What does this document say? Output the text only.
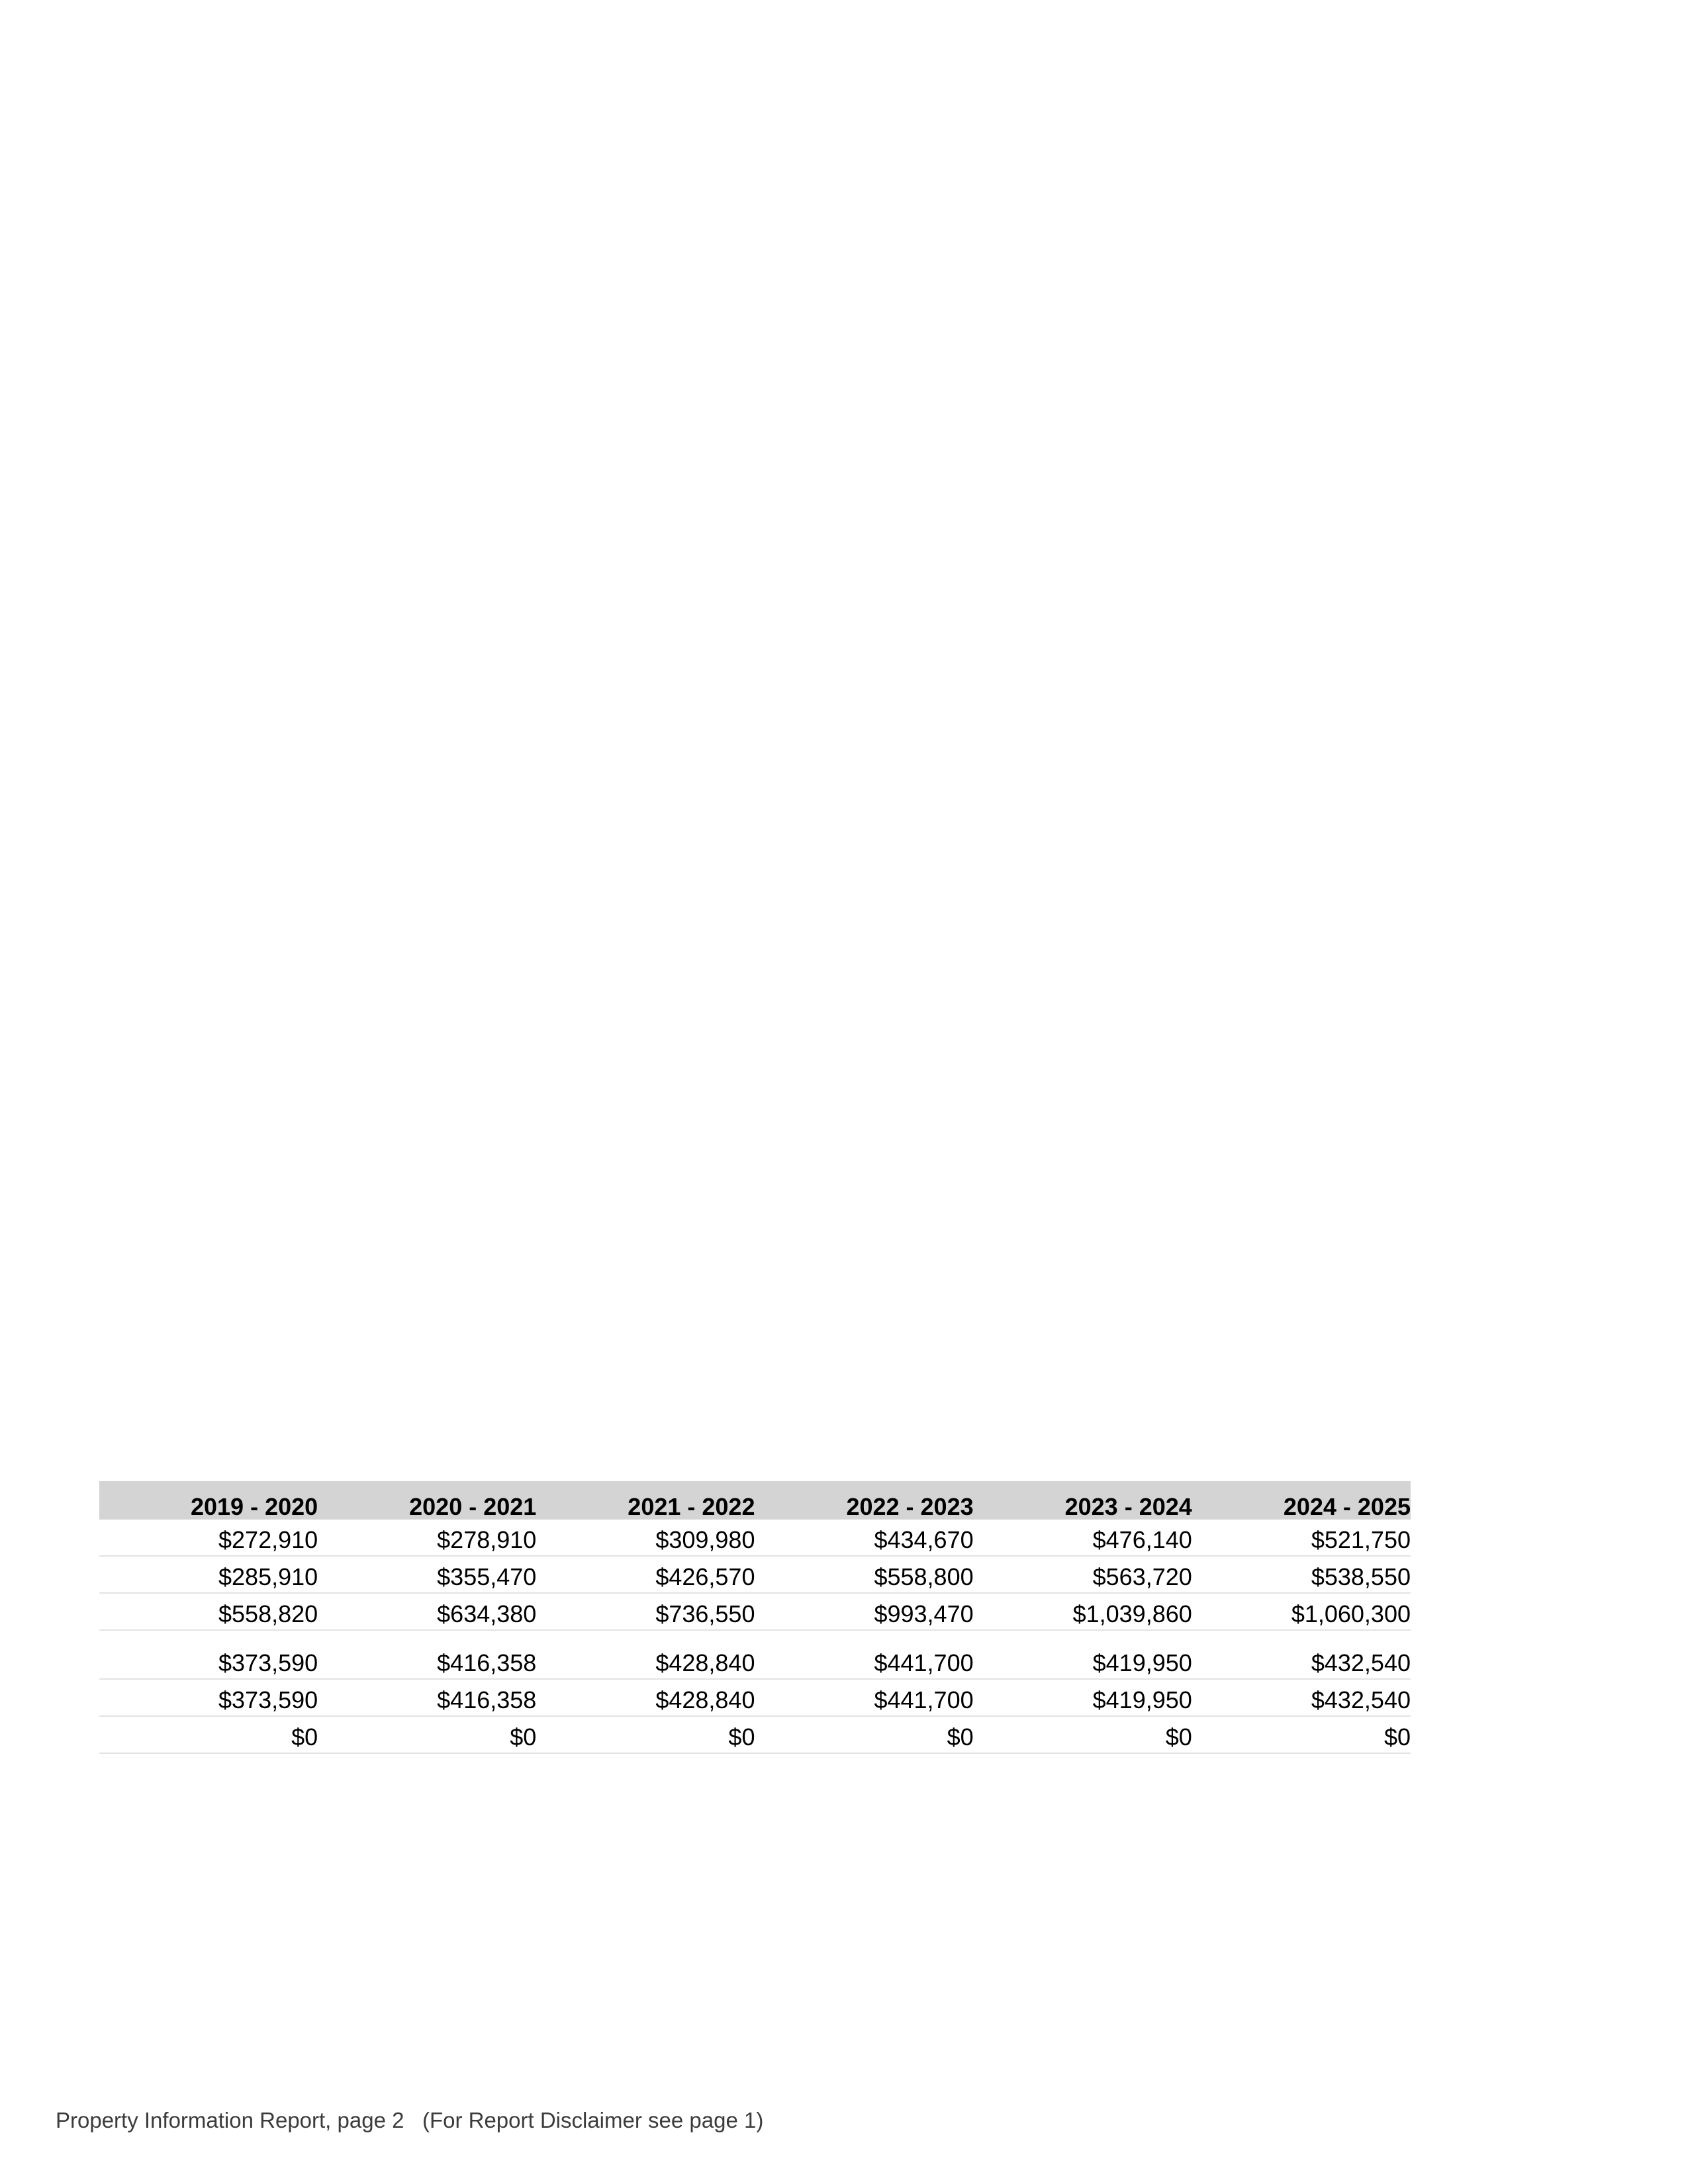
2019 - 2020	2020 - 2021	2021 - 2022	2022 - 2023	2023 - 2024	2024 - 2025
$272,910	$278,910	$309,980	$434,670	$476,140	$521,750
$285,910	$355,470	$426,570	$558,800	$563,720	$538,550
$558,820	$634,380	$736,550	$993,470	$1,039,860	$1,060,300
$373,590	$416,358	$428,840	$441,700	$419,950	$432,540
$373,590	$416,358	$428,840	$441,700	$419,950	$432,540
$0	$0	$0	$0	$0	$0
Property Information Report, page 2   (For Report Disclaimer see page 1)
